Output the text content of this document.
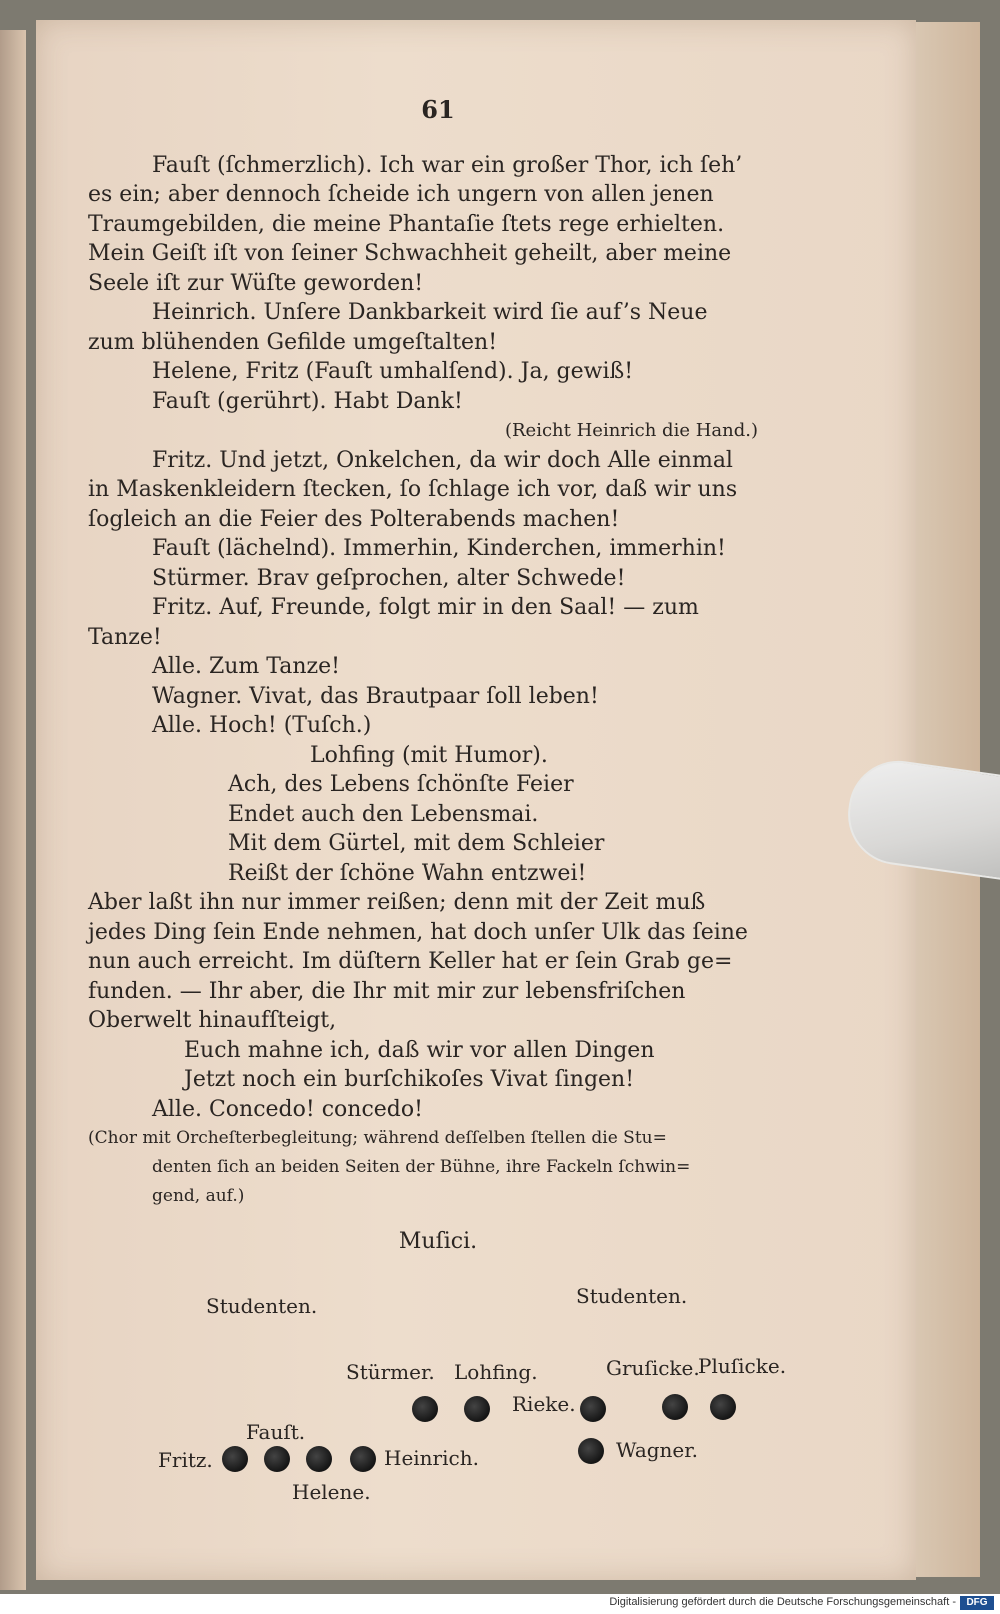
61

Fauſt (ſchmerzlich). Ich war ein großer Thor, ich ſeh’

es ein; aber dennoch ſcheide ich ungern von allen jenen

Traumgebilden, die meine Phantaſie ſtets rege erhielten.

Mein Geiſt iſt von ſeiner Schwachheit geheilt, aber meine

Seele iſt zur Wüſte geworden!

Heinrich. Unſere Dankbarkeit wird ſie auf’s Neue

zum blühenden Gefilde umgeſtalten!

Helene, Fritz (Fauſt umhalſend). Ja, gewiß!

Fauſt (gerührt). Habt Dank!

(Reicht Heinrich die Hand.)

Fritz. Und jetzt, Onkelchen, da wir doch Alle einmal

in Maskenkleidern ſtecken, ſo ſchlage ich vor, daß wir uns

ſogleich an die Feier des Polterabends machen!

Fauſt (lächelnd). Immerhin, Kinderchen, immerhin!

Stürmer. Brav geſprochen, alter Schwede!

Fritz. Auf, Freunde, folgt mir in den Saal! — zum

Tanze!

Alle. Zum Tanze!

Wagner. Vivat, das Brautpaar ſoll leben!

Alle. Hoch! (Tuſch.)

Lohfing (mit Humor).

Ach, des Lebens ſchönſte Feier

Endet auch den Lebensmai.

Mit dem Gürtel, mit dem Schleier

Reißt der ſchöne Wahn entzwei!

Aber laßt ihn nur immer reißen; denn mit der Zeit muß

jedes Ding ſein Ende nehmen, hat doch unſer Ulk das ſeine

nun auch erreicht. Im düſtern Keller hat er ſein Grab ge=

funden. — Ihr aber, die Ihr mit mir zur lebensfriſchen

Oberwelt hinaufſteigt,

Euch mahne ich, daß wir vor allen Dingen

Jetzt noch ein burſchikoſes Vivat ſingen!

Alle. Concedo! concedo!

(Chor mit Orcheſterbegleitung; während deſſelben ſtellen die Stu=

denten ſich an beiden Seiten der Bühne, ihre Fackeln ſchwin=

gend, auf.)

Muſici.

Studenten.	Studenten.
Stürmer. Lohfing.	Gruſicke.
Pluſicke.
Rieke.
Fauſt.
Fritz.	Heinrich.	Wagner.
Helene.
Digitalisierung gefördert durch die Deutsche Forschungsgemeinschaft -	DFG
